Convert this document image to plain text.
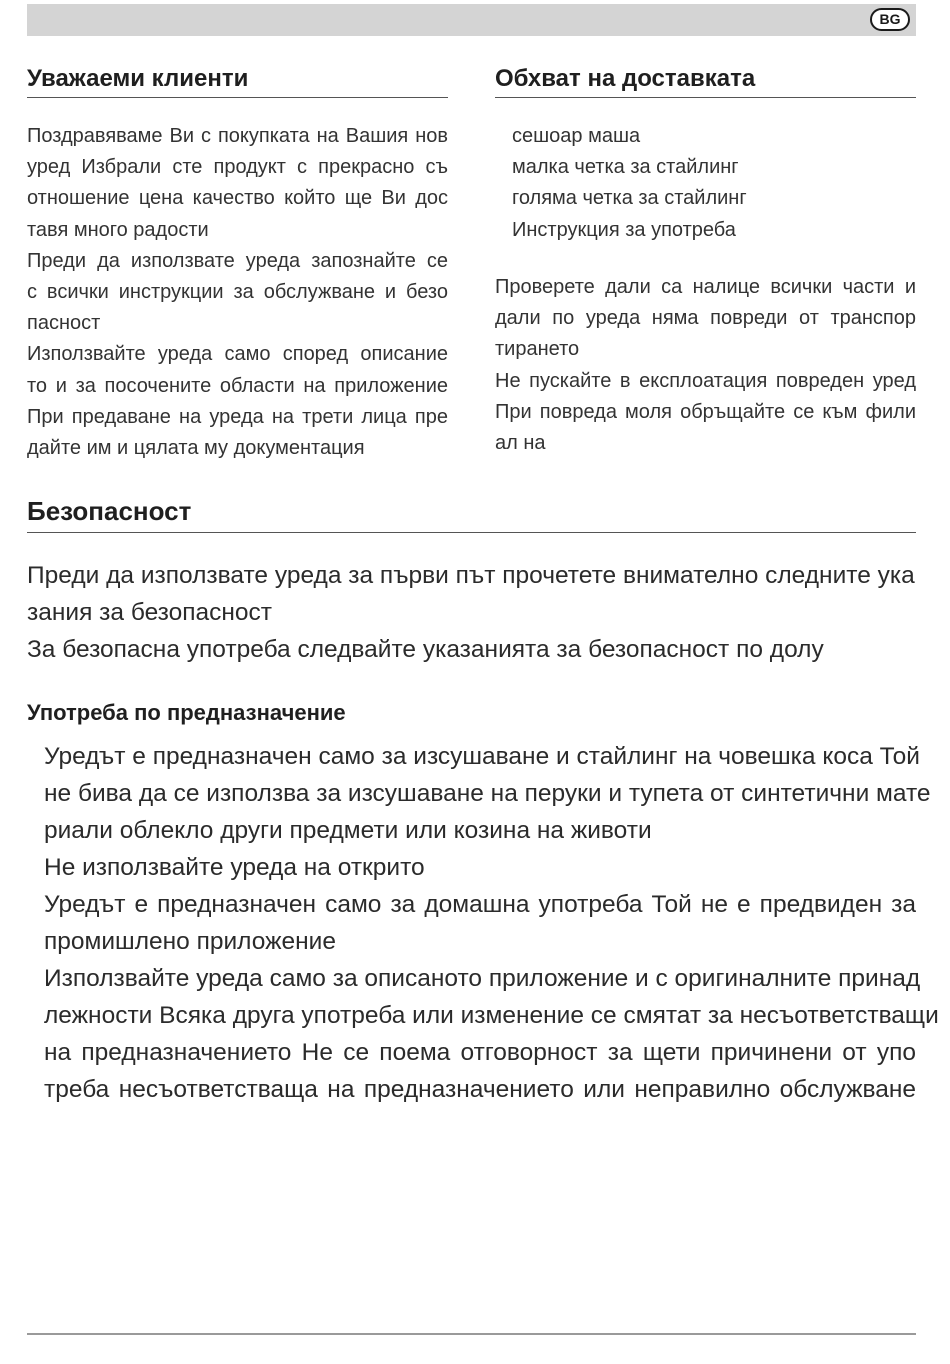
BG
Уважаеми клиенти
Поздравяваме Ви с покупката на Вашия нов
уред Избрали сте продукт с прекрасно съ
отношение цена качество който ще Ви дос
тавя много радости
Преди да използвате уреда запознайте се
с всички инструкции за обслужване и безо
пасност
Използвайте уреда само според описание
то и за посочените области на приложение
При предаване на уреда на трети лица пре
дайте им и цялата му документация
Обхват на доставката
сешоар маша
малка четка за стайлинг
голяма четка за стайлинг
Инструкция за употреба
Проверете дали са налице всички части и
дали по уреда няма повреди от транспор
тирането
Не пускайте в експлоатация повреден уред
При повреда моля обръщайте се към фили
ал на
Безопасност
Преди да използвате уреда за първи път прочетете внимателно следните ука
зания за безопасност
За безопасна употреба следвайте указанията за безопасност по долу
Употреба по предназначение
Уредът е предназначен само за изсушаване и стайлинг на човешка коса Той
не бива да се използва за изсушаване на перуки и тупета от синтетични мате
риали облекло други предмети или козина на животи
Не използвайте уреда на открито
Уредът е предназначен само за домашна употреба Той не е предвиден за
промишлено приложение
Използвайте уреда само за описаното приложение и с оригиналните принад
лежности Всяка друга употреба или изменение се смятат за несъответстващи
на предназначението Не се поема отговорност за щети причинени от упо
треба несъответстваща на предназначението или неправилно обслужване
